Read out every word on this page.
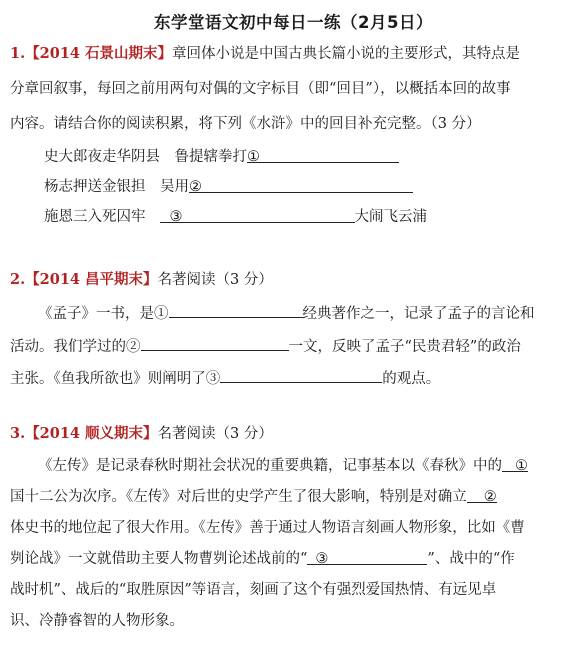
东学堂语文初中每日一练（2月5日）
1.【2014 石景山期末】章回体小说是中国古典长篇小说的主要形式，其特点是
分章回叙事，每回之前用两句对偶的文字标目（即“回目”），以概括本回的故事
内容。请结合你的阅读积累，将下列《水浒》中的回目补充完整。（3 分）
史大郎夜走华阴县　鲁提辖拳打①
杨志押送金银担　吴用②
施恩三入死囚牢 ③	大闹飞云浦
2.【2014 昌平期末】名著阅读（3 分）
《孟子》一书，是①	经典著作之一，记录了孟子的言论和
活动。我们学过的②	一文，反映了孟子“民贵君轻”的政治
主张。《鱼我所欲也》则阐明了③	的观点。
3.【2014 顺义期末】名著阅读（3 分）
《左传》是记录春秋时期社会状况的重要典籍，记事基本以《春秋》中的 ①
国十二公为次序。《左传》对后世的史学产生了很大影响，特别是对确立 ②
体史书的地位起了很大作用。《左传》善于通过人物语言刻画人物形象，比如《曹
刿论战》一文就借助主要人物曹刿论述战前的“ ③	”、战中的“作
战时机”、战后的“取胜原因”等语言，刻画了这个有强烈爱国热情、有远见卓
识、冷静睿智的人物形象。
